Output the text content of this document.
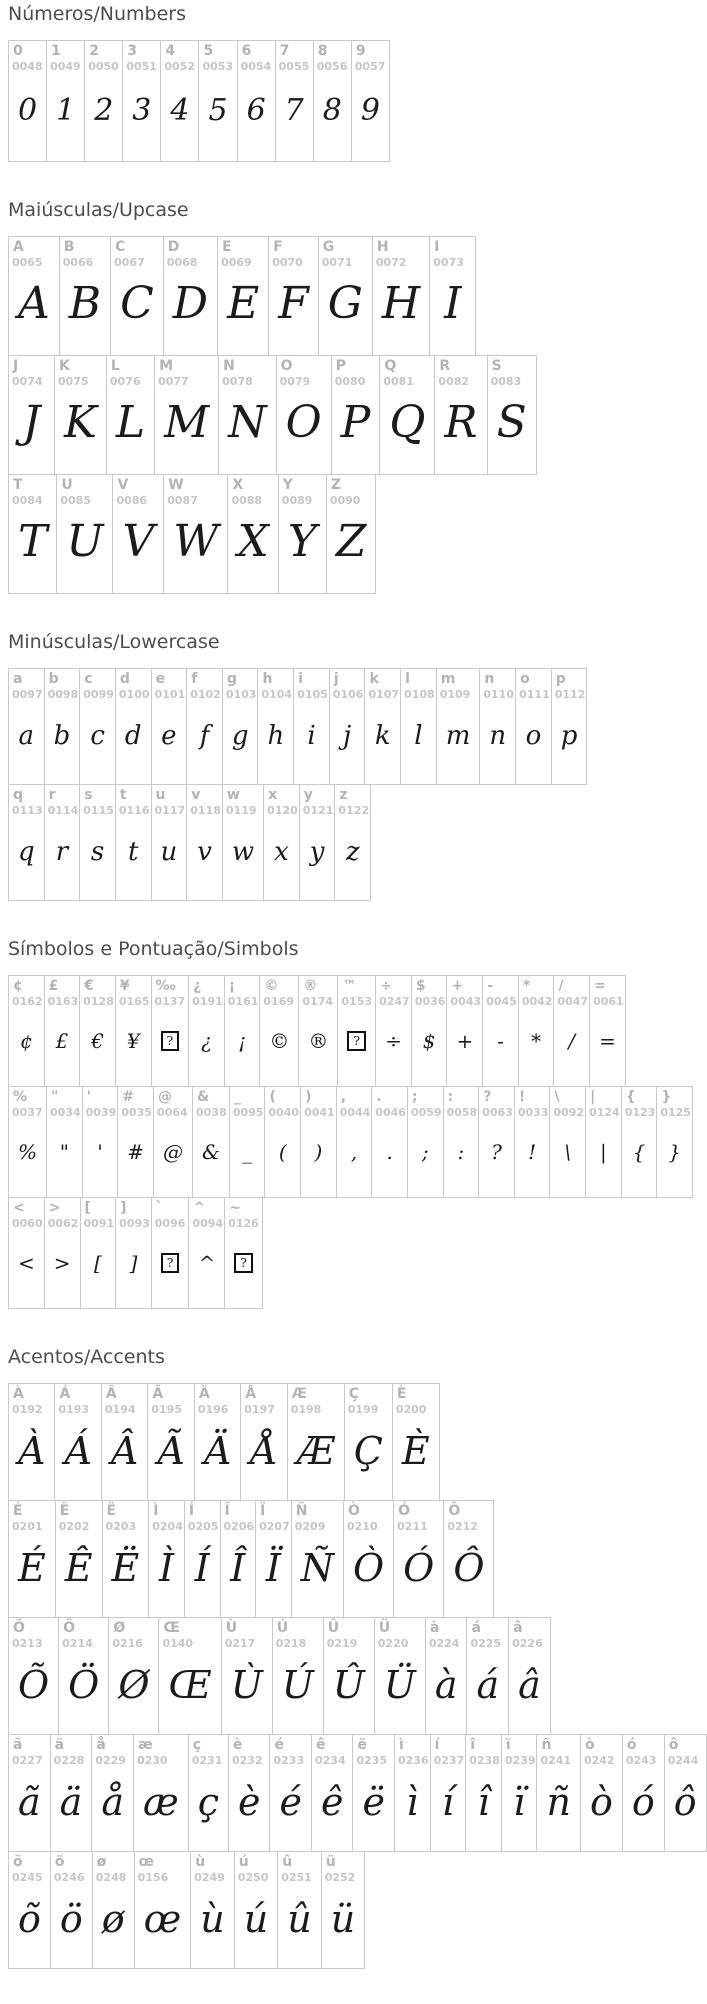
Números/Numbers
0
0048
0
1
0049
1
2
0050
2
3
0051
3
4
0052
4
5
0053
5
6
0054
6
7
0055
7
8
0056
8
9
0057
9
Maiúsculas/Upcase
A
0065
A
B
0066
B
C
0067
C
D
0068
D
E
0069
E
F
0070
F
G
0071
G
H
0072
H
I
0073
I
J
0074
J
K
0075
K
L
0076
L
M
0077
M
N
0078
N
O
0079
O
P
0080
P
Q
0081
Q
R
0082
R
S
0083
S
T
0084
T
U
0085
U
V
0086
V
W
0087
W
X
0088
X
Y
0089
Y
Z
0090
Z
Minúsculas/Lowercase
a
0097
a
b
0098
b
c
0099
c
d
0100
d
e
0101
e
f
0102
f
g
0103
g
h
0104
h
i
0105
i
j
0106
j
k
0107
k
l
0108
l
m
0109
m
n
0110
n
o
0111
o
p
0112
p
q
0113
q
r
0114
r
s
0115
s
t
0116
t
u
0117
u
v
0118
v
w
0119
w
x
0120
x
y
0121
y
z
0122
z
Símbolos e Pontuação/Simbols
¢
0162
¢
£
0163
£
€
0128
€
¥
0165
¥
‰
0137
?
¿
0191
¿
¡
0161
¡
©
0169
©
®
0174
®
™
0153
?
÷
0247
÷
$
0036
$
+
0043
+
-
0045
-
*
0042
*
/
0047
/
=
0061
=
%
0037
%
"
0034
"
'
0039
'
#
0035
#
@
0064
@
&
0038
&
_
0095
_
(
0040
(
)
0041
)
,
0044
,
.
0046
.
;
0059
;
:
0058
:
?
0063
?
!
0033
!
\
0092
\
|
0124
|
{
0123
{
}
0125
}
<
0060
<
>
0062
>
[
0091
[
]
0093
]
`
0096
?
^
0094
^
~
0126
?
Acentos/Accents
À
0192
À
Á
0193
Á
Â
0194
Â
Ã
0195
Ã
Ä
0196
Ä
Å
0197
Å
Æ
0198
Æ
Ç
0199
Ç
È
0200
È
É
0201
É
Ê
0202
Ê
Ë
0203
Ë
Ì
0204
Ì
Í
0205
Í
Î
0206
Î
Ï
0207
Ï
Ñ
0209
Ñ
Ò
0210
Ò
Ó
0211
Ó
Ô
0212
Ô
Õ
0213
Õ
Ö
0214
Ö
Ø
0216
Ø
Œ
0140
Œ
Ù
0217
Ù
Ú
0218
Ú
Û
0219
Û
Ü
0220
Ü
à
0224
à
á
0225
á
â
0226
â
ã
0227
ã
ä
0228
ä
å
0229
å
æ
0230
æ
ç
0231
ç
è
0232
è
é
0233
é
ê
0234
ê
ë
0235
ë
ì
0236
ì
í
0237
í
î
0238
î
ï
0239
ï
ñ
0241
ñ
ò
0242
ò
ó
0243
ó
ô
0244
ô
õ
0245
õ
ö
0246
ö
ø
0248
ø
œ
0156
œ
ù
0249
ù
ú
0250
ú
û
0251
û
ü
0252
ü
